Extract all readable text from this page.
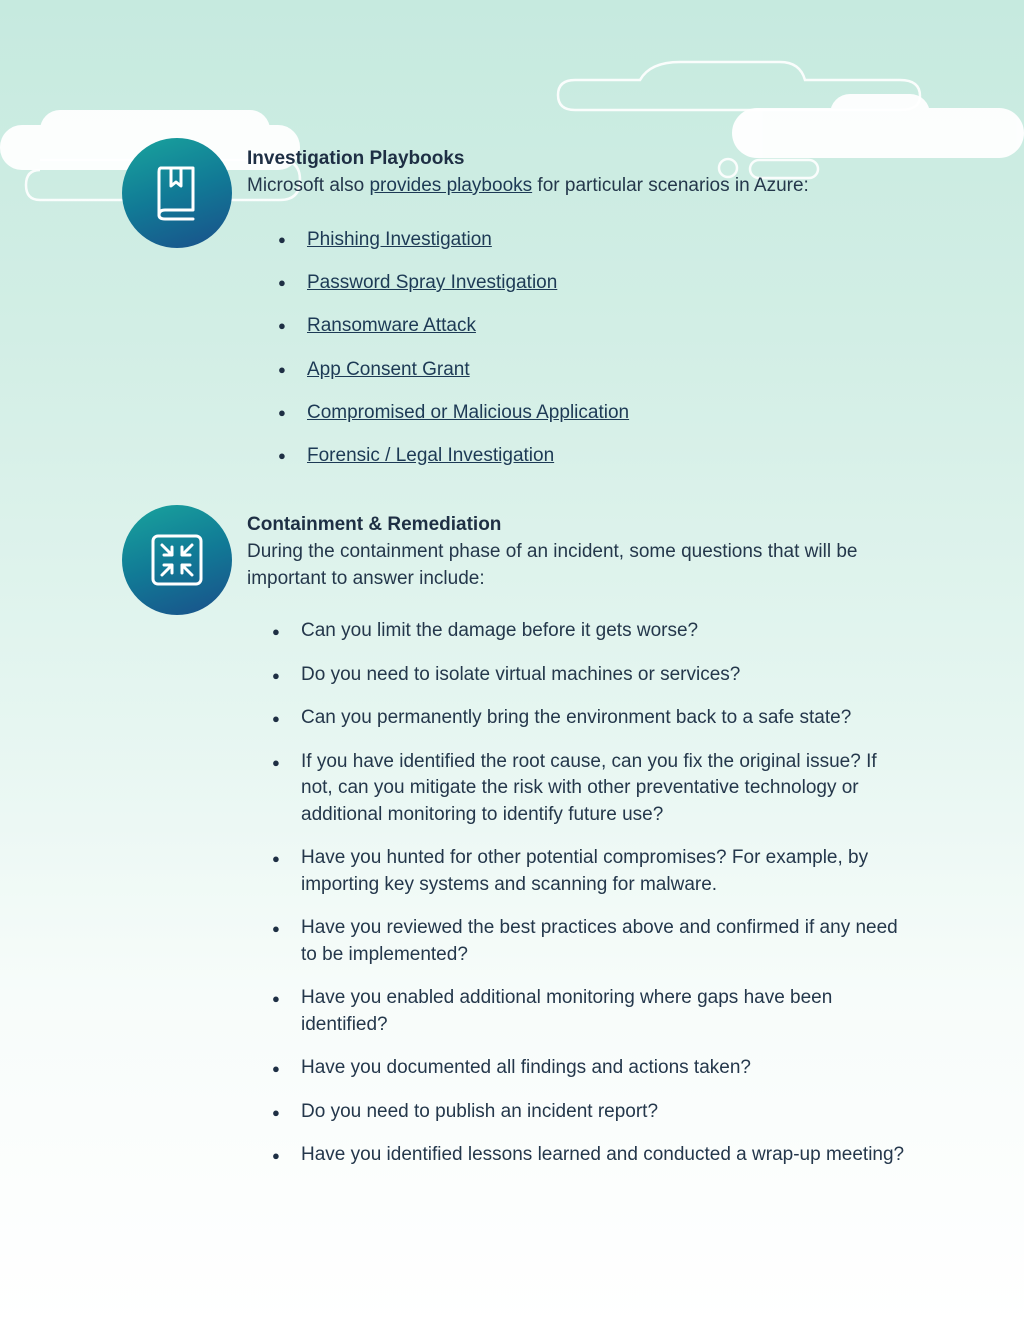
Investigation Playbooks

Microsoft also provides playbooks for particular scenarios in Azure:

● Phishing Investigation
● Password Spray Investigation
● Ransomware Attack
● App Consent Grant
● Compromised or Malicious Application
● Forensic / Legal Investigation

Containment & Remediation

During the containment phase of an incident, some questions that will be important to answer include:

● Can you limit the damage before it gets worse?
● Do you need to isolate virtual machines or services?
● Can you permanently bring the environment back to a safe state?
● If you have identified the root cause, can you fix the original issue? If not, can you mitigate the risk with other preventative technology or additional monitoring to identify future use?
● Have you hunted for other potential compromises? For example, by importing key systems and scanning for malware.
● Have you reviewed the best practices above and confirmed if any need to be implemented?
● Have you enabled additional monitoring where gaps have been identified?
● Have you documented all findings and actions taken?
● Do you need to publish an incident report?
● Have you identified lessons learned and conducted a wrap-up meeting?
